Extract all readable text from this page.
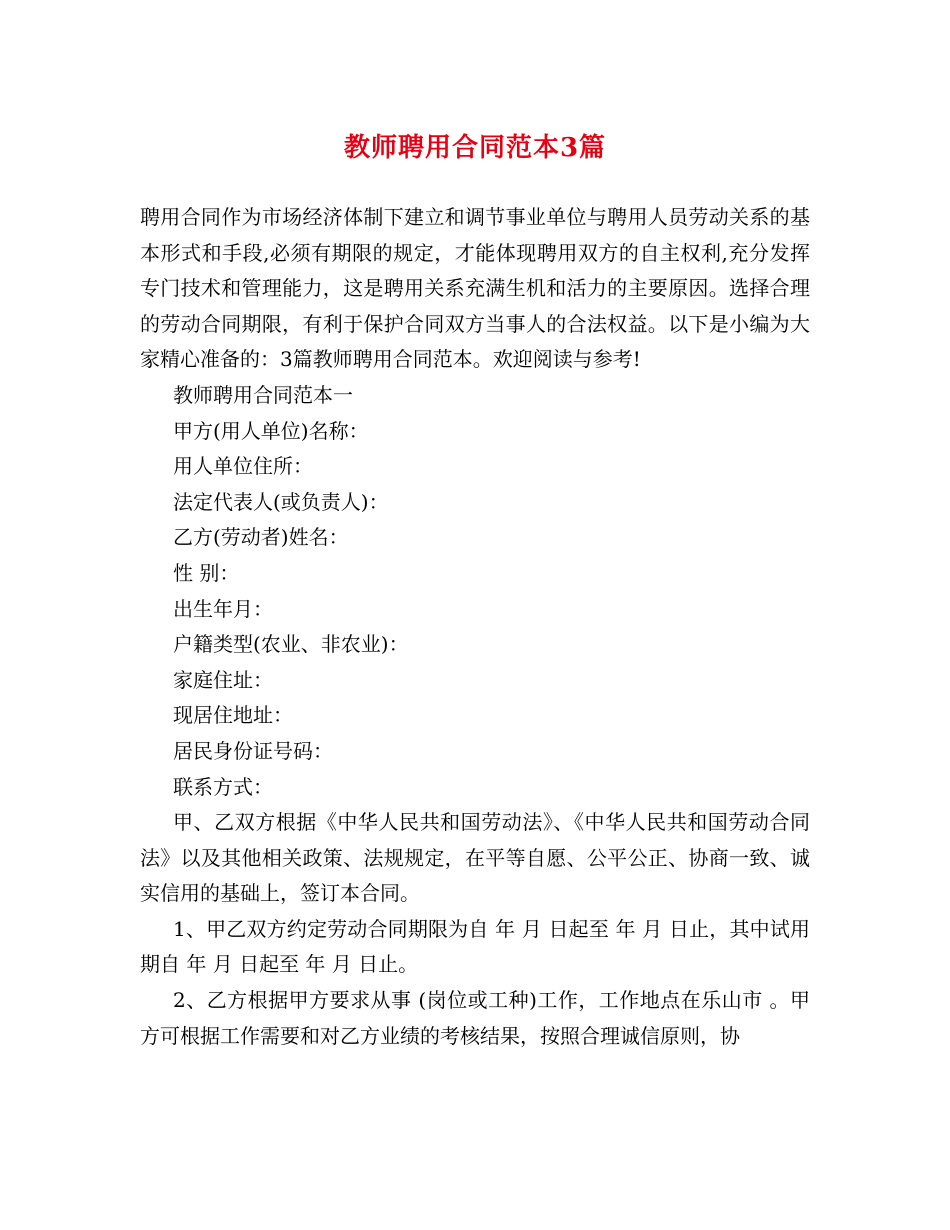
教师聘用合同范本3篇

聘用合同作为市场经济体制下建立和调节事业单位与聘用人员劳动关系的基本形式和手段,必须有期限的规定，才能体现聘用双方的自主权利,充分发挥专门技术和管理能力，这是聘用关系充满生机和活力的主要原因。选择合理的劳动合同期限，有利于保护合同双方当事人的合法权益。以下是小编为大家精心准备的：3篇教师聘用合同范本。欢迎阅读与参考!

教师聘用合同范本一

甲方(用人单位)名称：

用人单位住所：

法定代表人(或负责人)：

乙方(劳动者)姓名：

性 别：

出生年月：

户籍类型(农业、非农业)：

家庭住址：

现居住地址：

居民身份证号码：

联系方式：

甲、乙双方根据《中华人民共和国劳动法》、《中华人民共和国劳动合同法》以及其他相关政策、法规规定，在平等自愿、公平公正、协商一致、诚实信用的基础上，签订本合同。

1、甲乙双方约定劳动合同期限为自 年 月 日起至 年 月 日止，其中试用期自 年 月 日起至 年 月 日止。

2、乙方根据甲方要求从事 (岗位或工种)工作，工作地点在乐山市 。甲方可根据工作需要和对乙方业绩的考核结果，按照合理诚信原则，协
